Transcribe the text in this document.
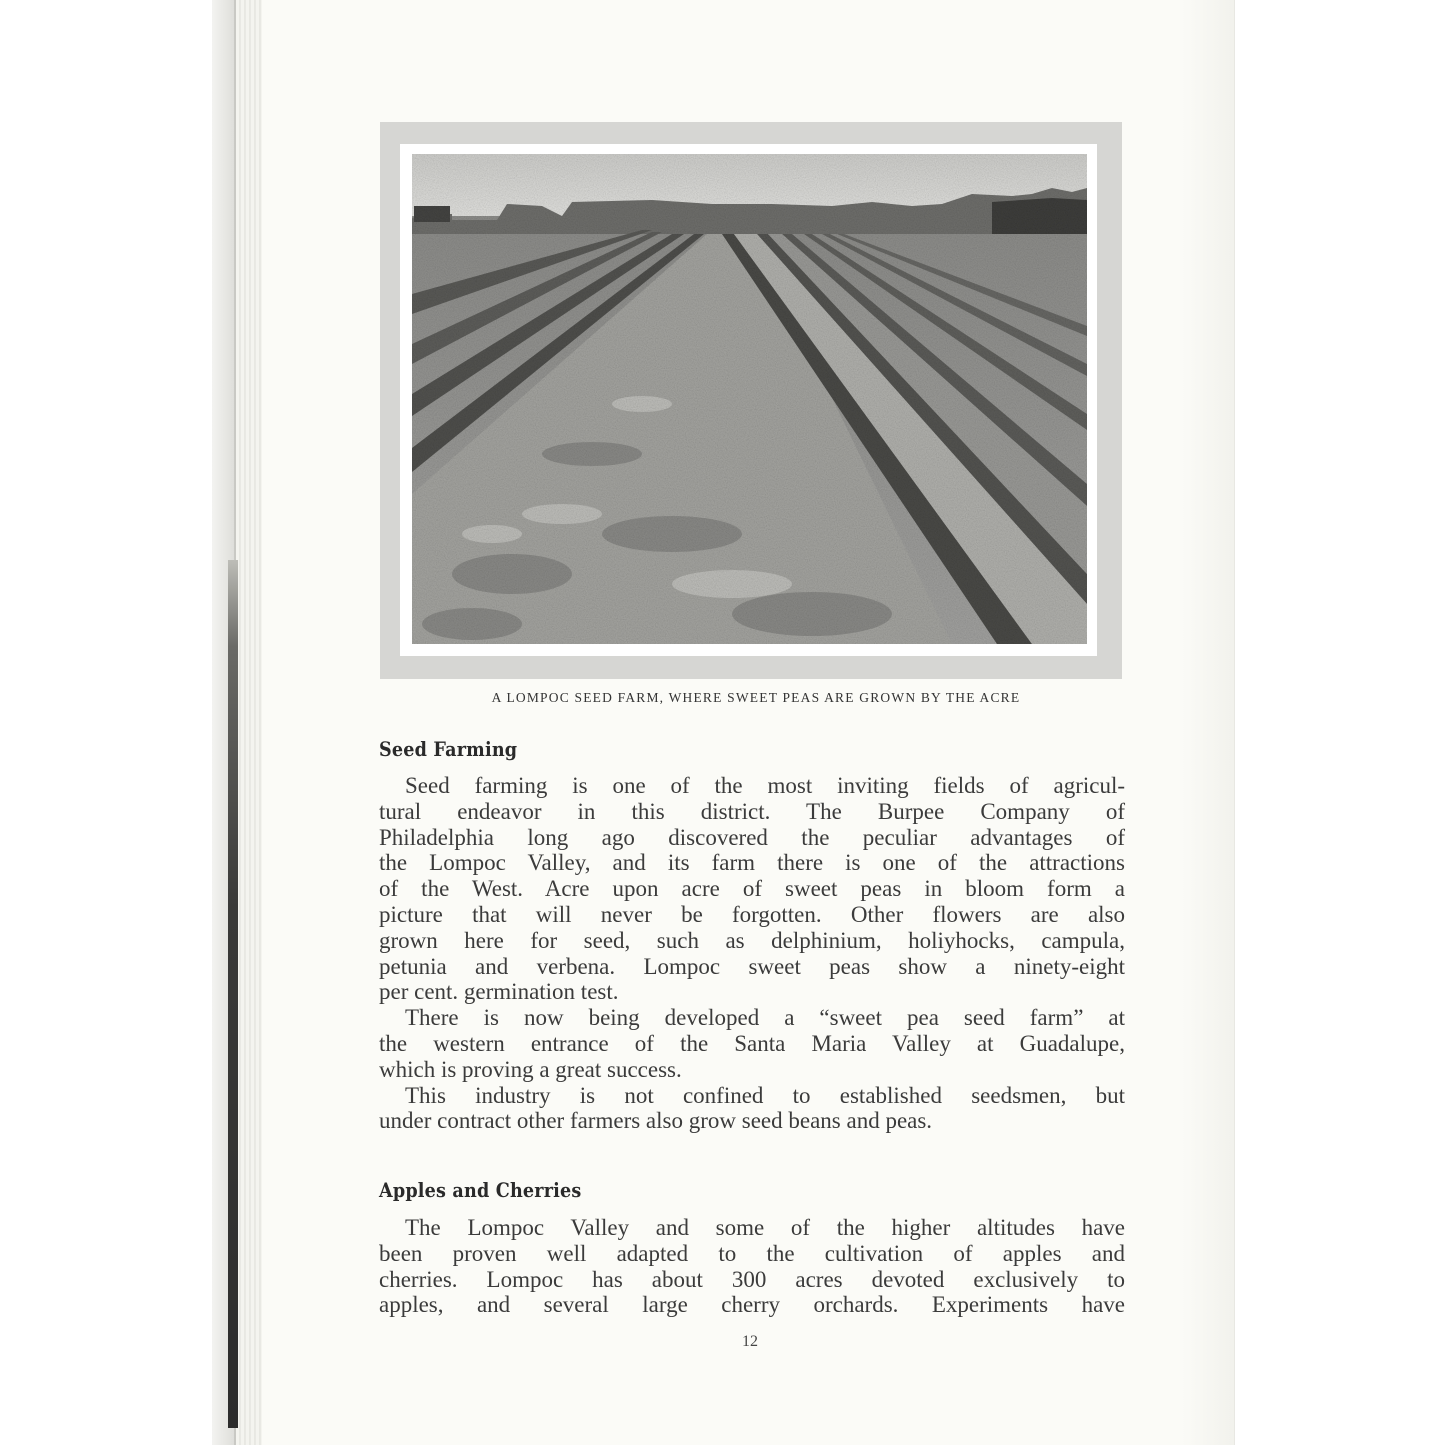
A LOMPOC SEED FARM, WHERE SWEET PEAS ARE GROWN BY THE ACRE
Seed Farming
Seed farming is one of the most inviting fields of agricul-
tural endeavor in this district. The Burpee Company of
Philadelphia long ago discovered the peculiar advantages of
the Lompoc Valley, and its farm there is one of the attractions
of the West. Acre upon acre of sweet peas in bloom form a
picture that will never be forgotten. Other flowers are also
grown here for seed, such as delphinium, holiyhocks, campula,
petunia and verbena. Lompoc sweet peas show a ninety-eight
per cent. germination test.
There is now being developed a “sweet pea seed farm” at
the western entrance of the Santa Maria Valley at Guadalupe,
which is proving a great success.
This industry is not confined to established seedsmen, but
under contract other farmers also grow seed beans and peas.
Apples and Cherries
The Lompoc Valley and some of the higher altitudes have
been proven well adapted to the cultivation of apples and
cherries. Lompoc has about 300 acres devoted exclusively to
apples, and several large cherry orchards. Experiments have
12
